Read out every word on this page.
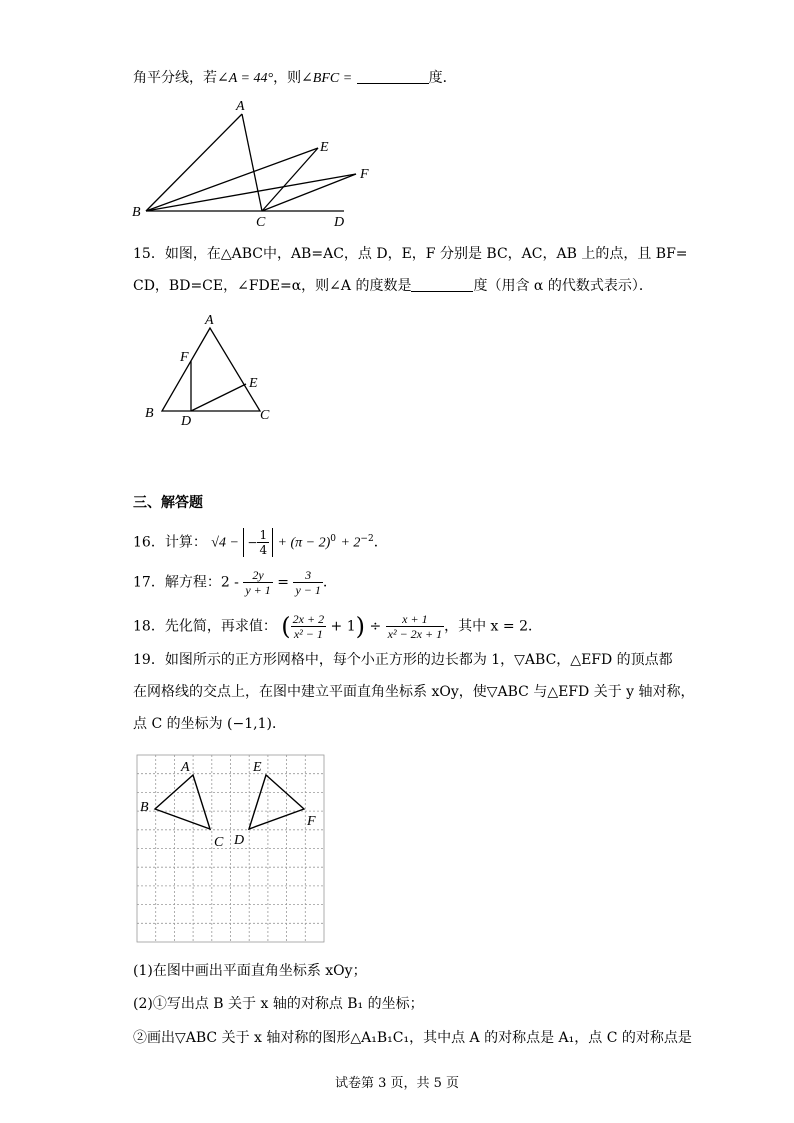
角平分线，若∠A = 44°，则∠BFC =	度．
A
B
C	D
E
F
15．如图，在△ABC中，AB=AC，点 D，E，F 分别是 BC，AC，AB 上的点，且 BF=
CD，BD=CE，∠FDE=α，则∠A 的度数是	度（用含 α 的代数式表示）．
A
B	C
D
E
F
三、解答题
16．计算： √4 − − $\frac{1}{4} + (\pi - 2)^0 + 2^{-2}$．
17．解方程：$2 - \frac{2y}{y + 1} = \frac{3}{y - 1}$ .
18．先化简，再求值： ( $\frac{2x + 2}{\text{x² − 1}} + 1) \div \frac{x + 1}{\text{x² − 2x + 1}}$ ，其中 x = 2．
19．如图所示的正方形网格中，每个小正方形的边长都为 1，▽ABC，△EFD 的顶点都
在网格线的交点上，在图中建立平面直角坐标系 xOy，使▽ABC 与△EFD 关于 y 轴对称，
点 C 的坐标为 (−1,1)．
A
B
C D
E
F
(1)在图中画出平面直角坐标系 xOy；
(2)①写出点 B 关于 x 轴的对称点 B₁ 的坐标；
②画出▽ABC 关于 x 轴对称的图形△A₁B₁C₁，其中点 A 的对称点是 A₁，点 C 的对称点是
试卷第 3 页，共 5 页
